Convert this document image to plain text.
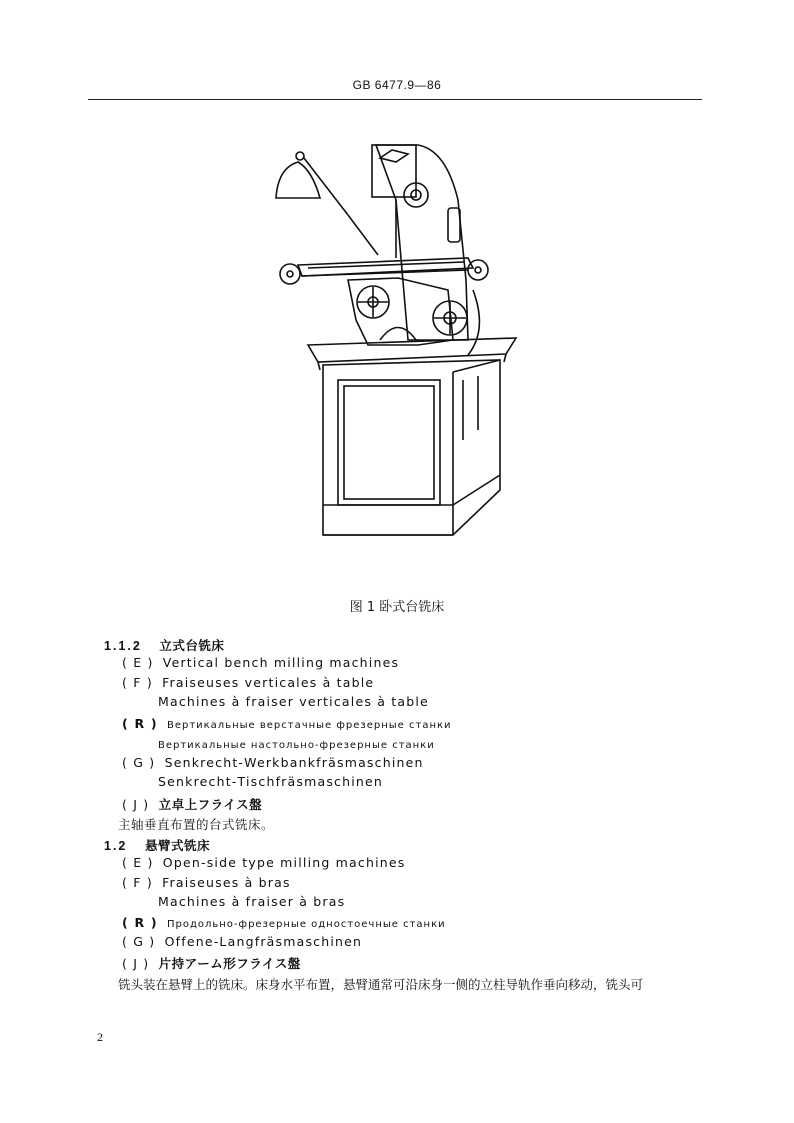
GB 6477.9—86
图 1 卧式台铣床
1.1.2 立式台铣床
( E ) Vertical bench milling machines
( F ) Fraiseuses verticales à table
Machines à fraiser verticales à table
( R ) Вертикальные верстачные фрезерные станки
Вертикальные настольно‑фрезерные станки
( G ) Senkrecht‑Werkbankfräsmaschinen
Senkrecht‑Tischfräsmaschinen
( J ) 立卓上フライス盤
主轴垂直布置的台式铣床。
1.2 悬臂式铣床
( E ) Open‑side type milling machines
( F ) Fraiseuses à bras
Machines à fraiser à bras
( R ) Продольно‑фрезерные одностоечные станки
( G ) Offene‑Langfräsmaschinen
( J ) 片持アーム形フライス盤
铣头装在悬臂上的铣床。床身水平布置，悬臂通常可沿床身一侧的立柱导轨作垂向移动，铣头可
2
